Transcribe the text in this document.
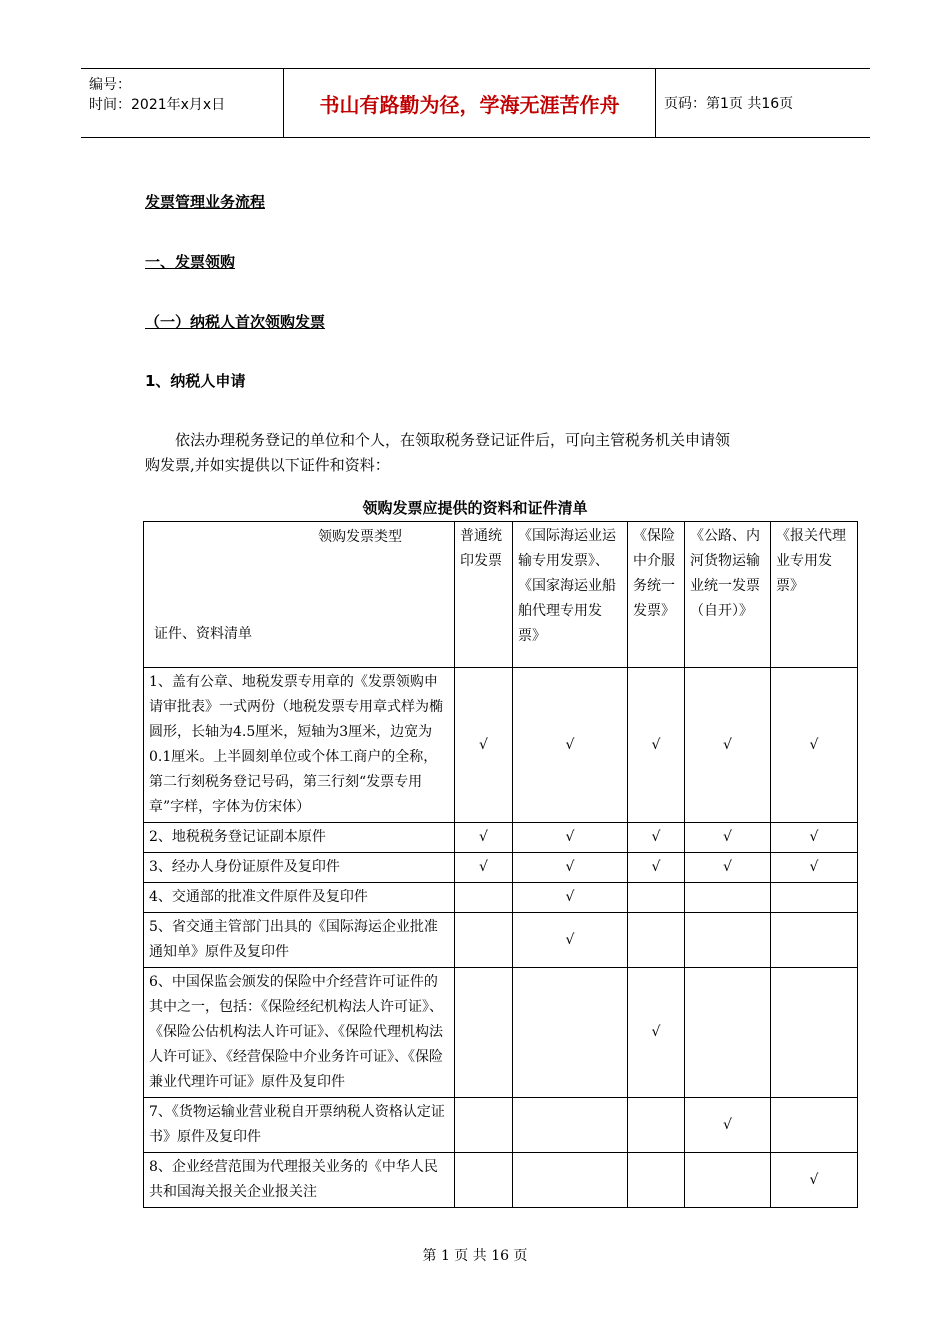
编号：
时间：2021年x月x日	书山有路勤为径，学海无涯苦作舟	页码：第1页 共16页
发票管理业务流程
一、发票领购
（一）纳税人首次领购发票
1、纳税人申请

依法办理税务登记的单位和个人，在领取税务登记证件后，可向主管税务机关申请领

购发票,并如实提供以下证件和资料：

领购发票应提供的资料和证件清单
领购发票类型
证件、资料清单	普通统印发票	《国际海运业运输专用发票》、《国家海运业船舶代理专用发票》	《保险中介服务统一发票》	《公路、内河货物运输业统一发票（自开）》	《报关代理业专用发票》
1、盖有公章、地税发票专用章的《发票领购申请审批表》一式两份（地税发票专用章式样为椭圆形，长轴为4.5厘米，短轴为3厘米，边宽为0.1厘米。上半圆刻单位或个体工商户的全称，第二行刻税务登记号码，第三行刻“发票专用章”字样，字体为仿宋体）	√	√	√	√	√
2、地税税务登记证副本原件	√	√	√	√	√
3、经办人身份证原件及复印件	√	√	√	√	√
4、交通部的批准文件原件及复印件		√			
5、省交通主管部门出具的《国际海运企业批准通知单》原件及复印件		√			
6、中国保监会颁发的保险中介经营许可证件的其中之一，包括：《保险经纪机构法人许可证》、《保险公估机构法人许可证》、《保险代理机构法人许可证》、《经营保险中介业务许可证》、《保险兼业代理许可证》原件及复印件			√		
7、《货物运输业营业税自开票纳税人资格认定证书》原件及复印件				√	
8、企业经营范围为代理报关业务的《中华人民共和国海关报关企业报关注					√
第 1 页 共 16 页
